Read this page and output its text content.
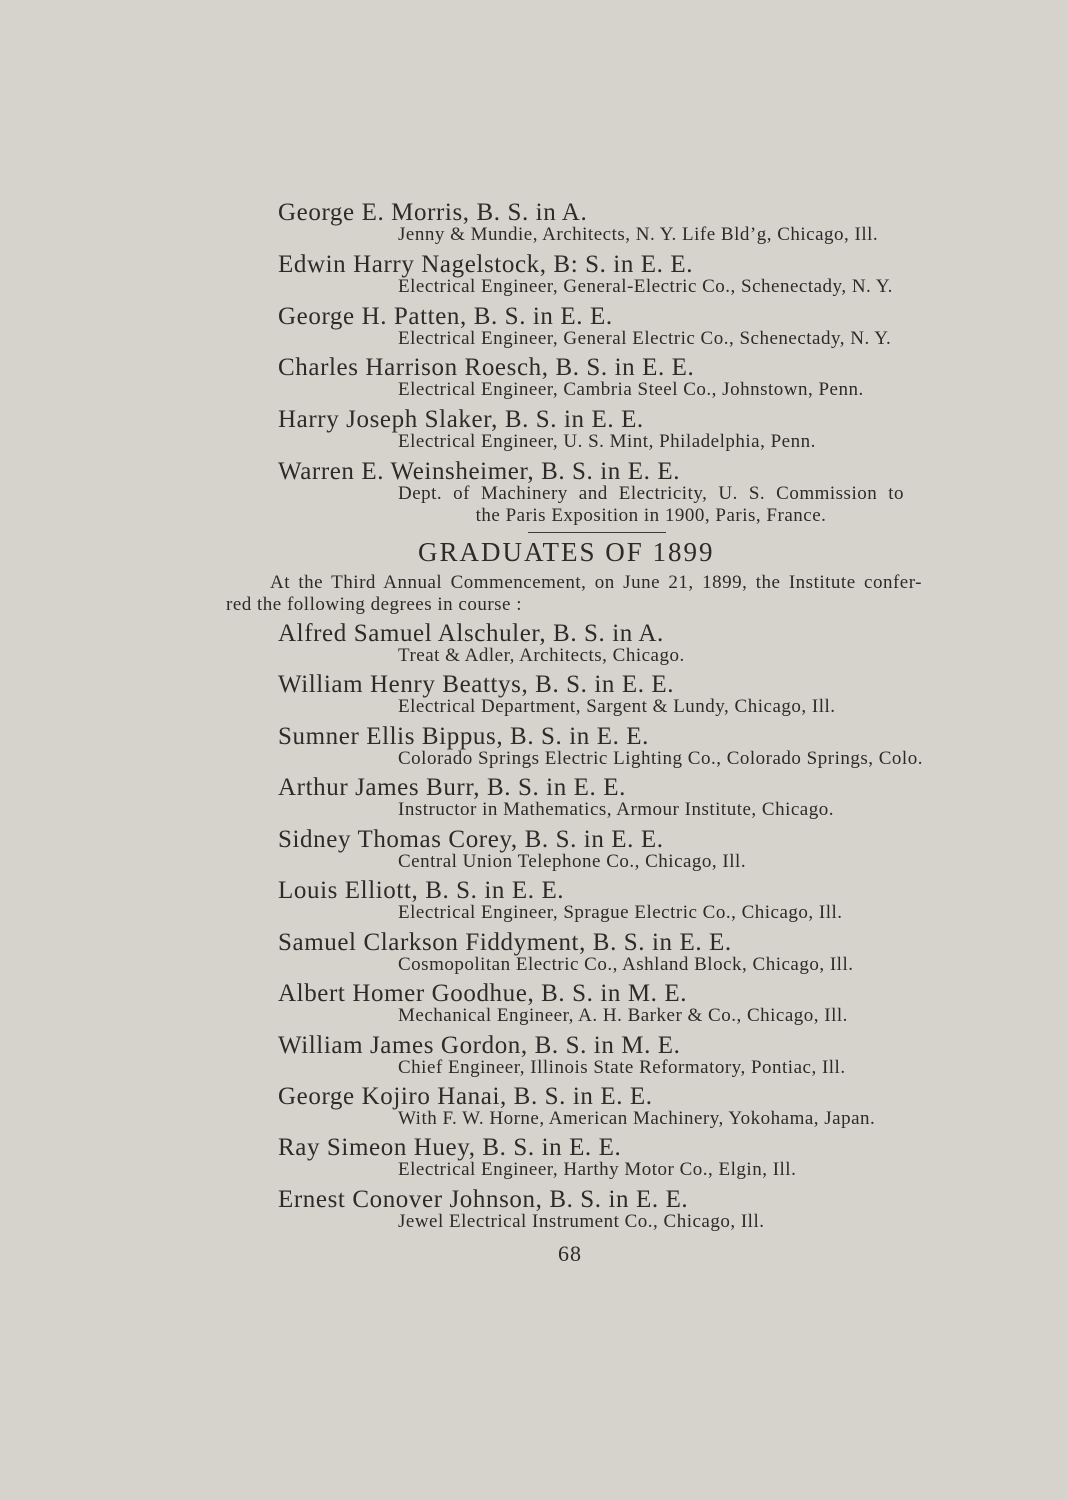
George E. Morris, B. S. in A.
Jenny & Mundie, Architects, N. Y. Life Bld’g, Chicago, Ill.
Edwin Harry Nagelstock, B: S. in E. E.
Electrical Engineer, General-Electric Co., Schenectady, N. Y.
George H. Patten, B. S. in E. E.
Electrical Engineer, General Electric Co., Schenectady, N. Y.
Charles Harrison Roesch, B. S. in E. E.
Electrical Engineer, Cambria Steel Co., Johnstown, Penn.
Harry Joseph Slaker, B. S. in E. E.
Electrical Engineer, U. S. Mint, Philadelphia, Penn.
Warren E. Weinsheimer, B. S. in E. E.
Dept. of Machinery and Electricity, U. S. Commission to
the Paris Exposition in 1900, Paris, France.
GRADUATES OF 1899
At the Third Annual Commencement, on June 21, 1899, the Institute confer-
red the following degrees in course :
Alfred Samuel Alschuler, B. S. in A.
Treat & Adler, Architects, Chicago.
William Henry Beattys, B. S. in E. E.
Electrical Department, Sargent & Lundy, Chicago, Ill.
Sumner Ellis Bippus, B. S. in E. E.
Colorado Springs Electric Lighting Co., Colorado Springs, Colo.
Arthur James Burr, B. S. in E. E.
Instructor in Mathematics, Armour Institute, Chicago.
Sidney Thomas Corey, B. S. in E. E.
Central Union Telephone Co., Chicago, Ill.
Louis Elliott, B. S. in E. E.
Electrical Engineer, Sprague Electric Co., Chicago, Ill.
Samuel Clarkson Fiddyment, B. S. in E. E.
Cosmopolitan Electric Co., Ashland Block, Chicago, Ill.
Albert Homer Goodhue, B. S. in M. E.
Mechanical Engineer, A. H. Barker & Co., Chicago, Ill.
William James Gordon, B. S. in M. E.
Chief Engineer, Illinois State Reformatory, Pontiac, Ill.
George Kojiro Hanai, B. S. in E. E.
With F. W. Horne, American Machinery, Yokohama, Japan.
Ray Simeon Huey, B. S. in E. E.
Electrical Engineer, Harthy Motor Co., Elgin, Ill.
Ernest Conover Johnson, B. S. in E. E.
Jewel Electrical Instrument Co., Chicago, Ill.
68
